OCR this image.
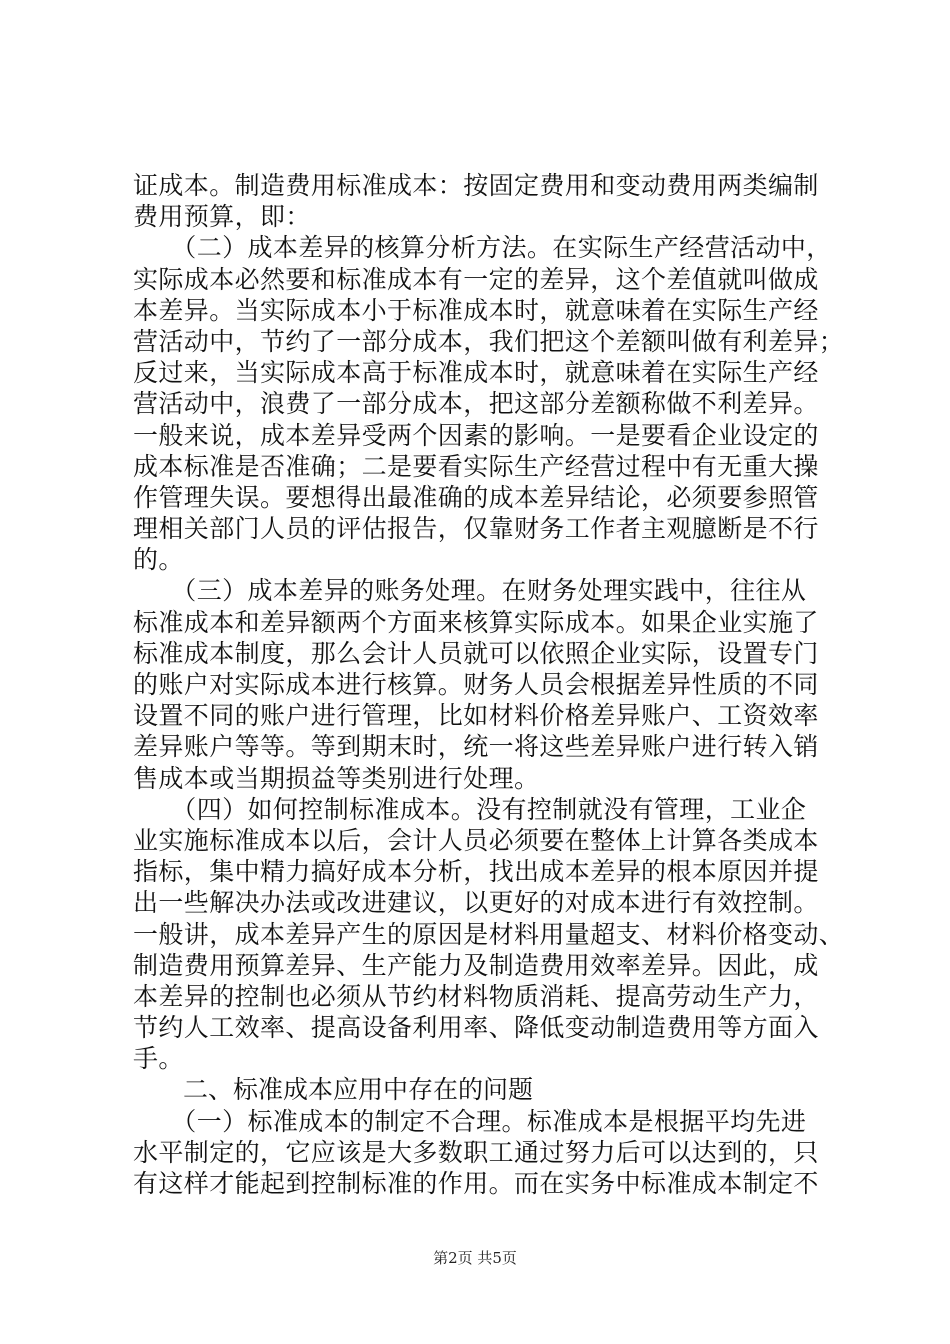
证成本。制造费用标准成本：按固定费用和变动费用两类编制
费用预算，即：
　　（二）成本差异的核算分析方法。在实际生产经营活动中，
实际成本必然要和标准成本有一定的差异，这个差值就叫做成
本差异。当实际成本小于标准成本时，就意味着在实际生产经
营活动中，节约了一部分成本，我们把这个差额叫做有利差异；
反过来，当实际成本高于标准成本时，就意味着在实际生产经
营活动中，浪费了一部分成本，把这部分差额称做不利差异。
一般来说，成本差异受两个因素的影响。一是要看企业设定的
成本标准是否准确；二是要看实际生产经营过程中有无重大操
作管理失误。要想得出最准确的成本差异结论，必须要参照管
理相关部门人员的评估报告，仅靠财务工作者主观臆断是不行
的。
　　（三）成本差异的账务处理。在财务处理实践中，往往从
标准成本和差异额两个方面来核算实际成本。如果企业实施了
标准成本制度，那么会计人员就可以依照企业实际，设置专门
的账户对实际成本进行核算。财务人员会根据差异性质的不同
设置不同的账户进行管理，比如材料价格差异账户、工资效率
差异账户等等。等到期末时，统一将这些差异账户进行转入销
售成本或当期损益等类别进行处理。
　　（四）如何控制标准成本。没有控制就没有管理，工业企
业实施标准成本以后，会计人员必须要在整体上计算各类成本
指标，集中精力搞好成本分析，找出成本差异的根本原因并提
出一些解决办法或改进建议，以更好的对成本进行有效控制。
一般讲，成本差异产生的原因是材料用量超支、材料价格变动、
制造费用预算差异、生产能力及制造费用效率差异。因此，成
本差异的控制也必须从节约材料物质消耗、提高劳动生产力，
节约人工效率、提高设备利用率、降低变动制造费用等方面入
手。
　　二、标准成本应用中存在的问题
　　（一）标准成本的制定不合理。标准成本是根据平均先进
水平制定的，它应该是大多数职工通过努力后可以达到的，只
有这样才能起到控制标准的作用。而在实务中标准成本制定不
第2页 共5页
